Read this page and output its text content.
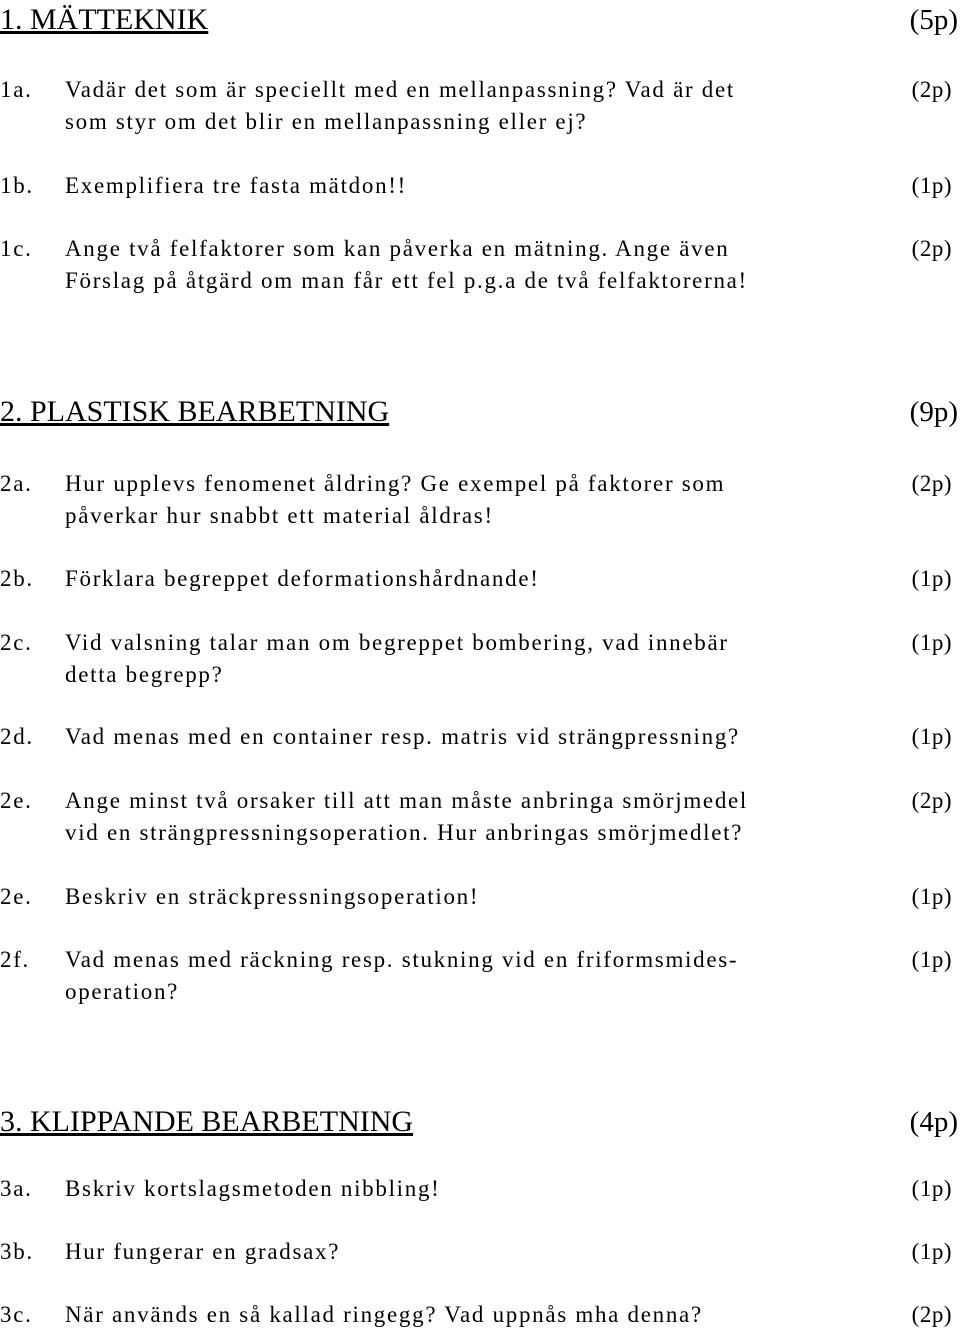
1. MÄTTEKNIK	(5p)
1a. Vadär det som är speciellt med en mellanpassning? Vad är det
som styr om det blir en mellanpassning eller ej?
(2p)
1b. Exemplifiera tre fasta mätdon!!	(1p)
1c. Ange två felfaktorer som kan påverka en mätning. Ange även
Förslag på åtgärd om man får ett fel p.g.a de två felfaktorerna!
(2p)
2. PLASTISK BEARBETNING	(9p)
2a. Hur upplevs fenomenet åldring? Ge exempel på faktorer som
påverkar hur snabbt ett material åldras!
(2p)
2b. Förklara begreppet deformationshårdnande!	(1p)
2c. Vid valsning talar man om begreppet bombering, vad innebär
detta begrepp?
(1p)
2d. Vad menas med en container resp. matris vid strängpressning?	(1p)
2e. Ange minst två orsaker till att man måste anbringa smörjmedel
vid en strängpressningsoperation. Hur anbringas smörjmedlet?
(2p)
2e. Beskriv en sträckpressningsoperation!	(1p)
2f. Vad menas med räckning resp. stukning vid en friformsmides-
operation?
(1p)
3. KLIPPANDE BEARBETNING	(4p)
3a. Bskriv kortslagsmetoden nibbling!	(1p)
3b. Hur fungerar en gradsax?	(1p)
3c. När används en så kallad ringegg? Vad uppnås mha denna?	(2p)
